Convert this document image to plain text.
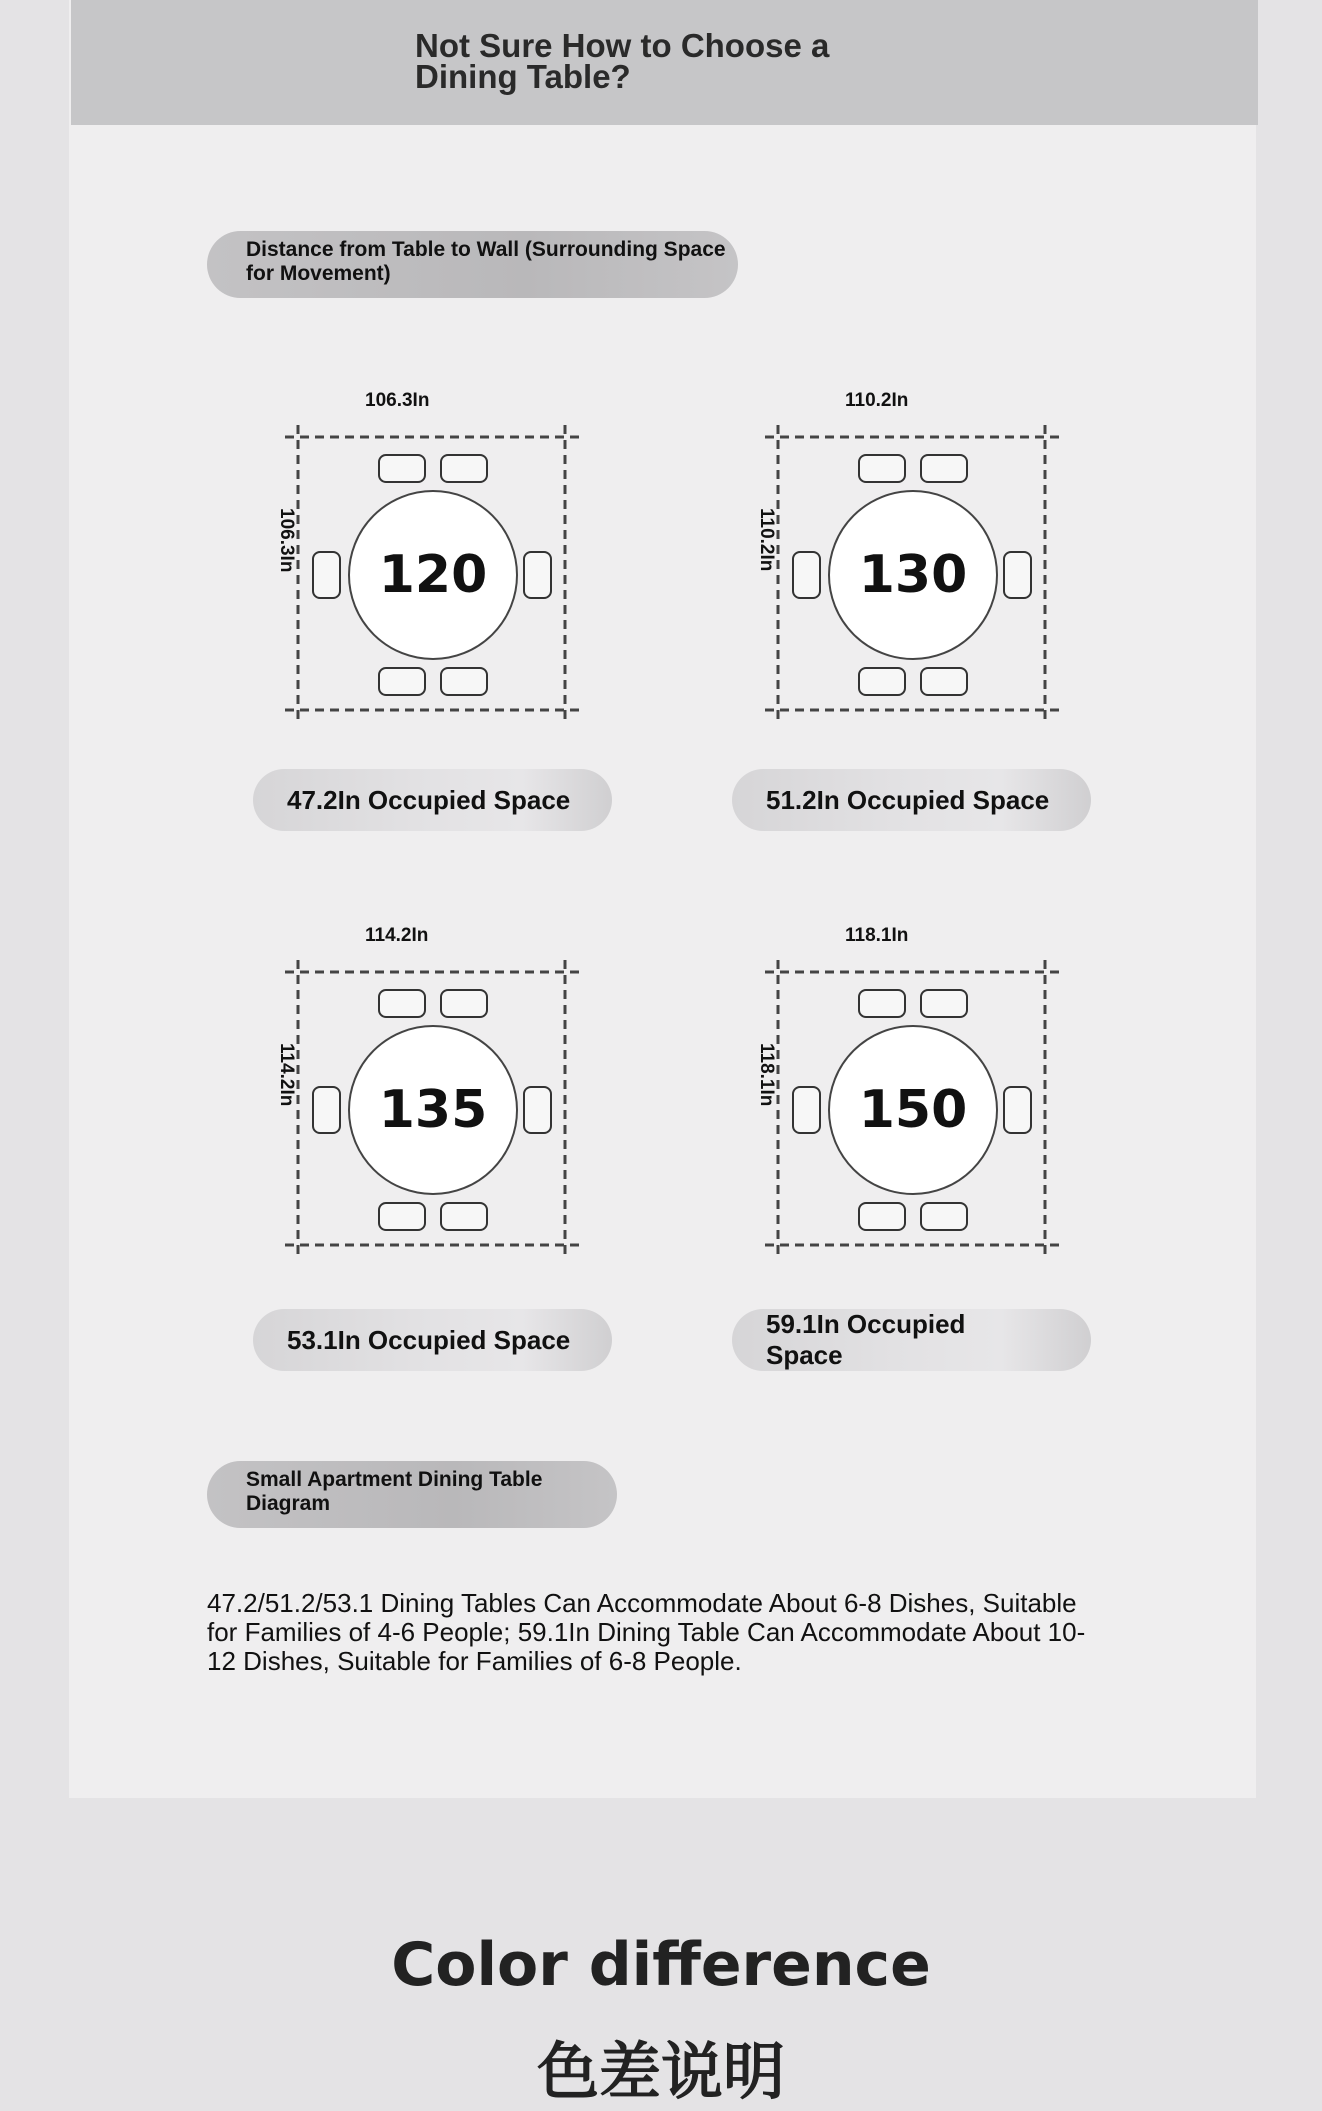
Not Sure How to Choose a Dining Table?
Distance from Table to Wall (Surrounding Space for Movement)
106.3In
106.3In
120
47.2In Occupied Space
110.2In
110.2In
130
51.2In Occupied Space
114.2In
114.2In
135
53.1In Occupied Space
118.1In
118.1In
150
59.1In Occupied Space
Small Apartment Dining Table Diagram

47.2/51.2/53.1 Dining Tables Can Accommodate About 6-8 Dishes, Suitable for Families of 4-6 People; 59.1In Dining Table Can Accommodate About 10-12 Dishes, Suitable for Families of 6-8 People.

Color difference
色差说明
